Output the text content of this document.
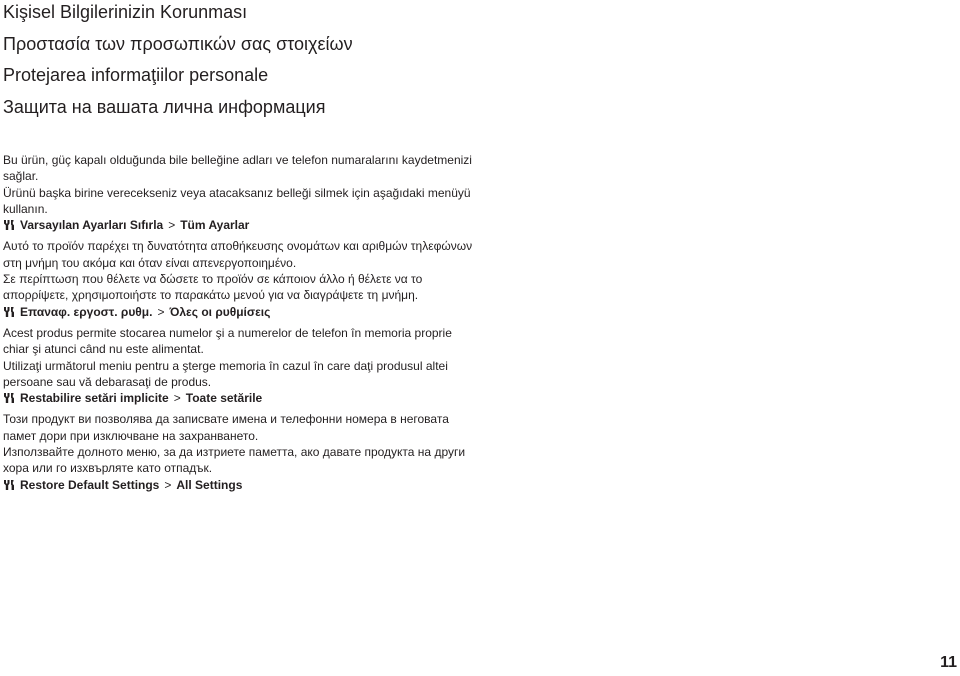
Kişisel Bilgilerinizin Korunması
Προστασία των προσωπικών σας στοιχείων
Protejarea informaţiilor personale
Защита на вашата лична информация

Bu ürün, güç kapalı olduğunda bile belleğine adları ve telefon numaralarını kaydetmenizi sağlar.

Ürünü başka birine verecekseniz veya atacaksanız belleği silmek için aşağıdaki menüyü kullanın.

Varsayılan Ayarları Sıfırla > Tüm Ayarlar

Αυτό το προϊόν παρέχει τη δυνατότητα αποθήκευσης ονομάτων και αριθμών τηλεφώνων στη μνήμη του ακόμα και όταν είναι απενεργοποιημένο.

Σε περίπτωση που θέλετε να δώσετε το προϊόν σε κάποιον άλλο ή θέλετε να το απορρίψετε, χρησιμοποιήστε το παρακάτω μενού για να διαγράψετε τη μνήμη.

Επαναφ. εργοστ. ρυθμ. > Όλες οι ρυθμίσεις

Acest produs permite stocarea numelor şi a numerelor de telefon în memoria proprie chiar şi atunci când nu este alimentat.

Utilizaţi următorul meniu pentru a şterge memoria în cazul în care daţi produsul altei persoane sau vă debarasaţi de produs.

Restabilire setări implicite > Toate setările

Този продукт ви позволява да записвате имена и телефонни номера в неговата памет дори при изключване на захранването.

Използвайте долното меню, за да изтриете паметта, ако давате продукта на други хора или го изхвърляте като отпадък.

Restore Default Settings > All Settings
11
